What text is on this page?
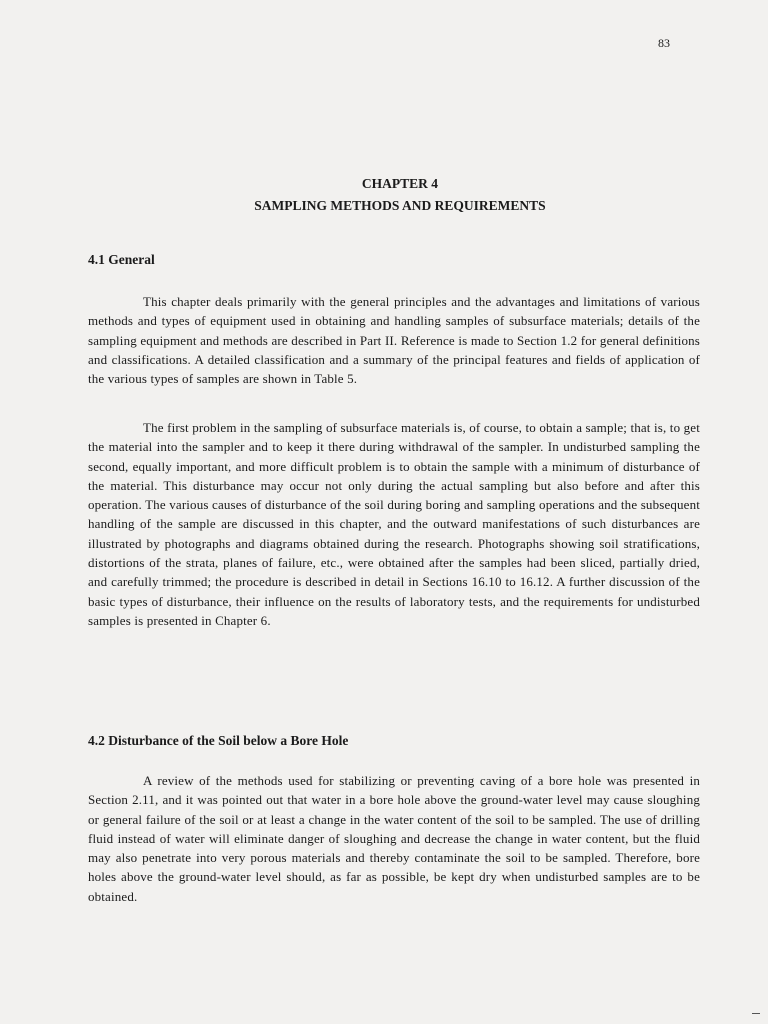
83
CHAPTER 4
SAMPLING METHODS AND REQUIREMENTS
4.1 General

This chapter deals primarily with the general principles and the advantages and limitations of various methods and types of equipment used in obtaining and handling samples of subsurface materials; details of the sampling equipment and methods are described in Part II. Reference is made to Section 1.2 for general definitions and classifications. A detailed classification and a summary of the principal features and fields of application of the various types of samples are shown in Table 5.

The first problem in the sampling of subsurface materials is, of course, to obtain a sample; that is, to get the material into the sampler and to keep it there during withdrawal of the sampler. In undisturbed sampling the second, equally important, and more difficult problem is to obtain the sample with a minimum of disturbance of the material. This disturbance may occur not only during the actual sampling but also before and after this operation. The various causes of disturbance of the soil during boring and sampling operations and the subsequent handling of the sample are discussed in this chapter, and the outward manifestations of such disturbances are illustrated by photographs and diagrams obtained during the research. Photographs showing soil stratifications, distortions of the strata, planes of failure, etc., were obtained after the samples had been sliced, partially dried, and carefully trimmed; the procedure is described in detail in Sections 16.10 to 16.12. A further discussion of the basic types of disturbance, their influence on the results of laboratory tests, and the requirements for undisturbed samples is presented in Chapter 6.

4.2 Disturbance of the Soil below a Bore Hole

A review of the methods used for stabilizing or preventing caving of a bore hole was presented in Section 2.11, and it was pointed out that water in a bore hole above the ground-water level may cause sloughing or general failure of the soil or at least a change in the water content of the soil to be sampled. The use of drilling fluid instead of water will eliminate danger of sloughing and decrease the change in water content, but the fluid may also penetrate into very porous materials and thereby contaminate the soil to be sampled. Therefore, bore holes above the ground-water level should, as far as possible, be kept dry when undisturbed samples are to be obtained.
